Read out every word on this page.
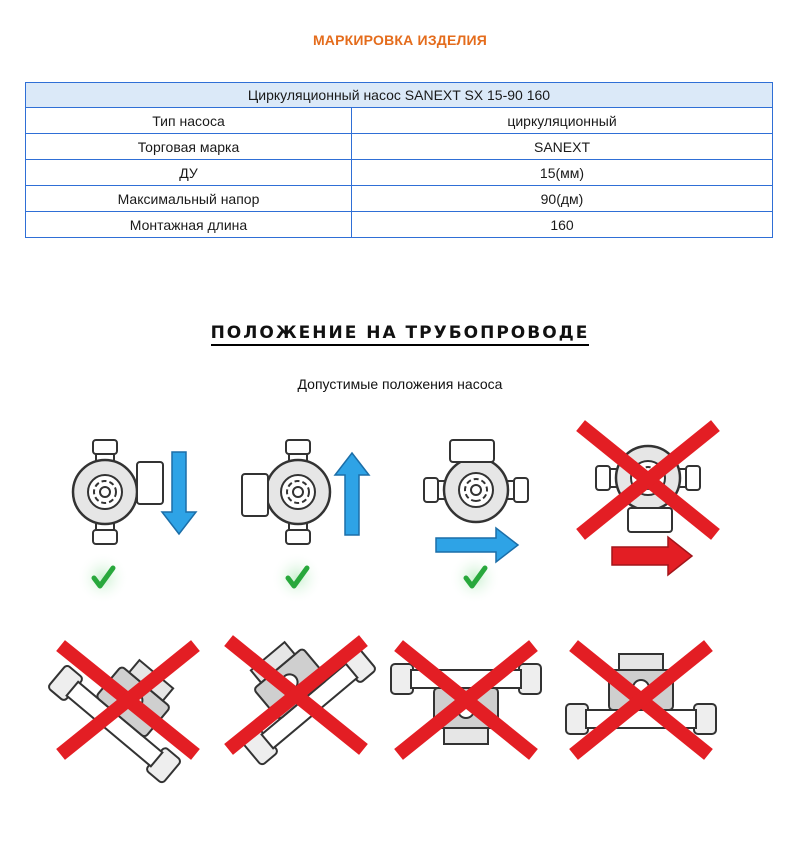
МАРКИРОВКА ИЗДЕЛИЯ
Циркуляционный насос SANEXT SX 15-90 160	
Тип насоса	циркуляционный
Торговая марка	SANEXT
ДУ	15(мм)
Максимальный напор	90(дм)
Монтажная длина	160
ПОЛОЖЕНИЕ НА ТРУБОПРОВОДЕ
Допустимые положения насоса
